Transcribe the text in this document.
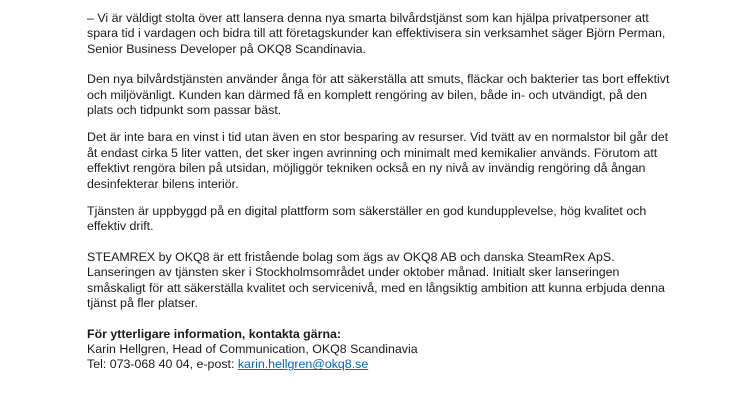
– Vi är väldigt stolta över att lansera denna nya smarta bilvårdstjänst som kan hjälpa privatpersoner att
spara tid i vardagen och bidra till att företagskunder kan effektivisera sin verksamhet säger Björn Perman,
Senior Business Developer på OKQ8 Scandinavia.

Den nya bilvårdstjänsten använder ånga för att säkerställa att smuts, fläckar och bakterier tas bort effektivt
och miljövänligt. Kunden kan därmed få en komplett rengöring av bilen, både in- och utvändigt, på den
plats och tidpunkt som passar bäst.

Det är inte bara en vinst i tid utan även en stor besparing av resurser. Vid tvätt av en normalstor bil går det
åt endast cirka 5 liter vatten, det sker ingen avrinning och minimalt med kemikalier används. Förutom att
effektivt rengöra bilen på utsidan, möjliggör tekniken också en ny nivå av invändig rengöring då ångan
desinfekterar bilens interiör.

Tjänsten är uppbyggd på en digital plattform som säkerställer en god kundupplevelse, hög kvalitet och
effektiv drift.

STEAMREX by OKQ8 är ett fristående bolag som ägs av OKQ8 AB och danska SteamRex ApS.
Lanseringen av tjänsten sker i Stockholmsområdet under oktober månad. Initialt sker lanseringen
småskaligt för att säkerställa kvalitet och servicenivå, med en långsiktig ambition att kunna erbjuda denna
tjänst på fler platser.

För ytterligare information, kontakta gärna:
Karin Hellgren, Head of Communication, OKQ8 Scandinavia
Tel: 073-068 40 04, e-post: karin.hellgren@okq8.se
